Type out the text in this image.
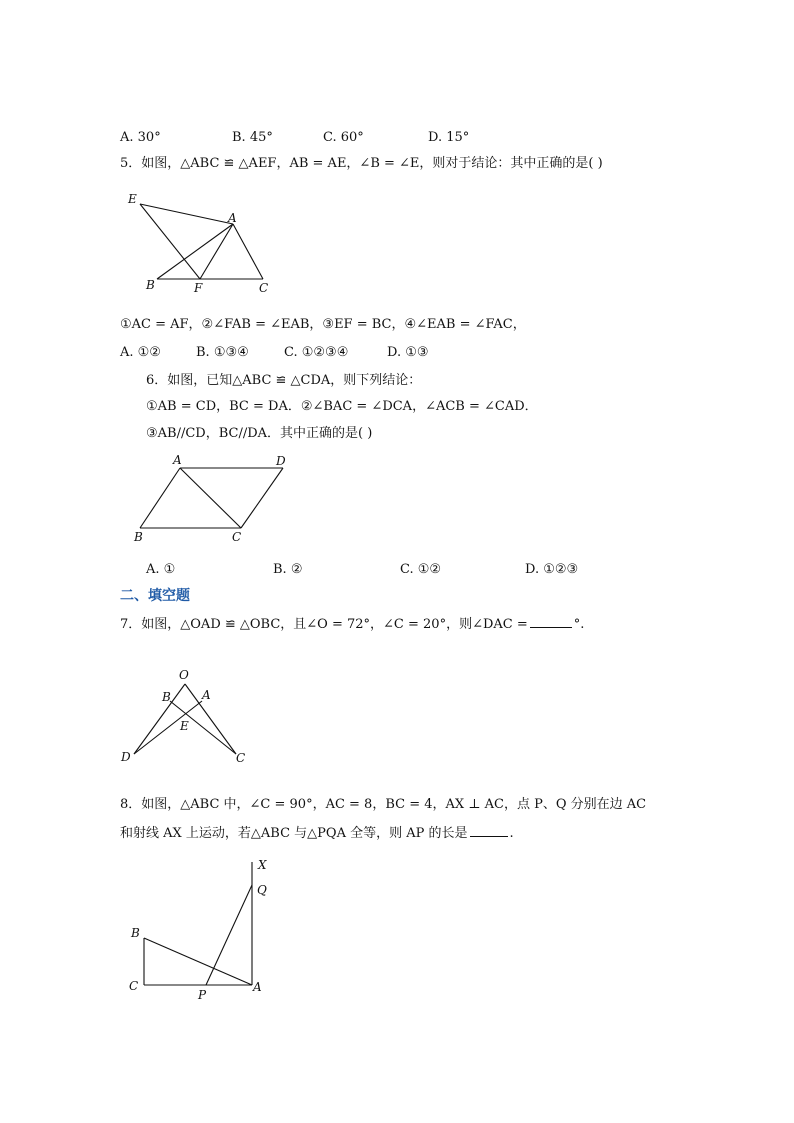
A. 30°	B. 45°	C. 60°	D. 15°
5．如图，△ABC ≌ △AEF，AB = AE，∠B = ∠E，则对于结论：其中正确的是( )
E
A
B	F	C
①AC = AF，②∠FAB = ∠EAB，③EF = BC，④∠EAB = ∠FAC，
A. ①②	B. ①③④	C. ①②③④	D. ①③
6．如图，已知△ABC ≌ △CDA，则下列结论：
①AB = CD，BC = DA．②∠BAC = ∠DCA，∠ACB = ∠CAD．
③AB//CD，BC//DA．其中正确的是( )
A	D
B	C
A. ①	B. ②	C. ①②	D. ①②③
二、填空题
7．如图，△OAD ≌ △OBC，且∠O = 72°，∠C = 20°，则∠DAC =	°.
O
B	A
E
D	C
8．如图，△ABC 中，∠C = 90°，AC = 8，BC = 4，AX ⊥ AC，点 P、Q 分别在边 AC
和射线 AX 上运动，若△ABC 与△PQA 全等，则 AP 的长是	.
X
Q
B
C
P
A
